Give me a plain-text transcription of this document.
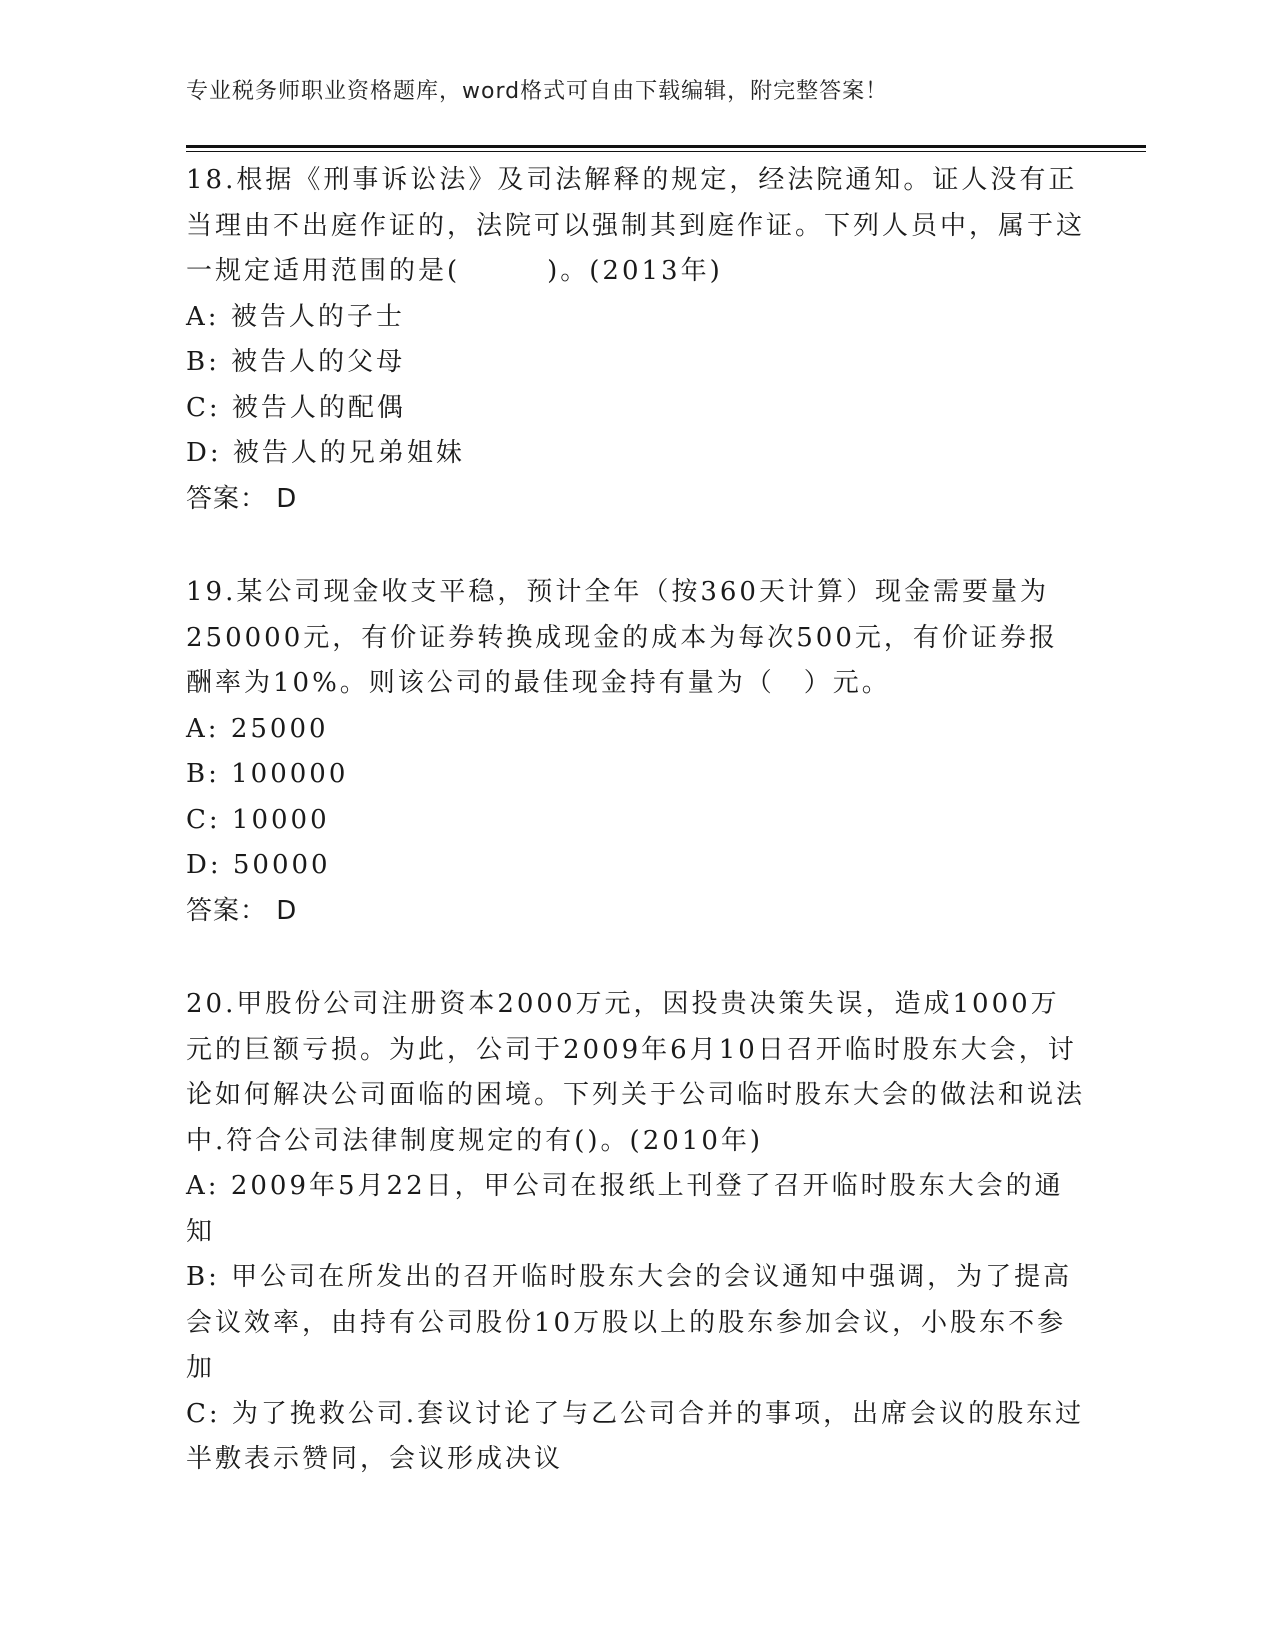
专业税务师职业资格题库，word格式可自由下载编辑，附完整答案！

18.根据《刑事诉讼法》及司法解释的规定，经法院通知。证人没有正当理由不出庭作证的，法院可以强制其到庭作证。下列人员中，属于这一规定适用范围的是(　　　)。(2013年)

A: 被告人的子士

B: 被告人的父母

C: 被告人的配偶

D: 被告人的兄弟姐妹

答案： D

19.某公司现金收支平稳，预计全年（按360天计算）现金需要量为250000元，有价证券转换成现金的成本为每次500元，有价证券报酬率为10%。则该公司的最佳现金持有量为（　）元。

A: 25000

B: 100000

C: 10000

D: 50000

答案： D

20.甲股份公司注册资本2000万元，因投贵决策失误，造成1000万元的巨额亏损。为此，公司于2009年6月10日召开临时股东大会，讨论如何解决公司面临的困境。下列关于公司临时股东大会的做法和说法中.符合公司法律制度规定的有()。(2010年)

A: 2009年5月22日，甲公司在报纸上刊登了召开临时股东大会的通知

B: 甲公司在所发出的召开临时股东大会的会议通知中强调，为了提高会议效率，由持有公司股份10万股以上的股东参加会议，小股东不参加

C: 为了挽救公司.套议讨论了与乙公司合并的事项，出席会议的股东过半敷表示赞同，会议形成决议
